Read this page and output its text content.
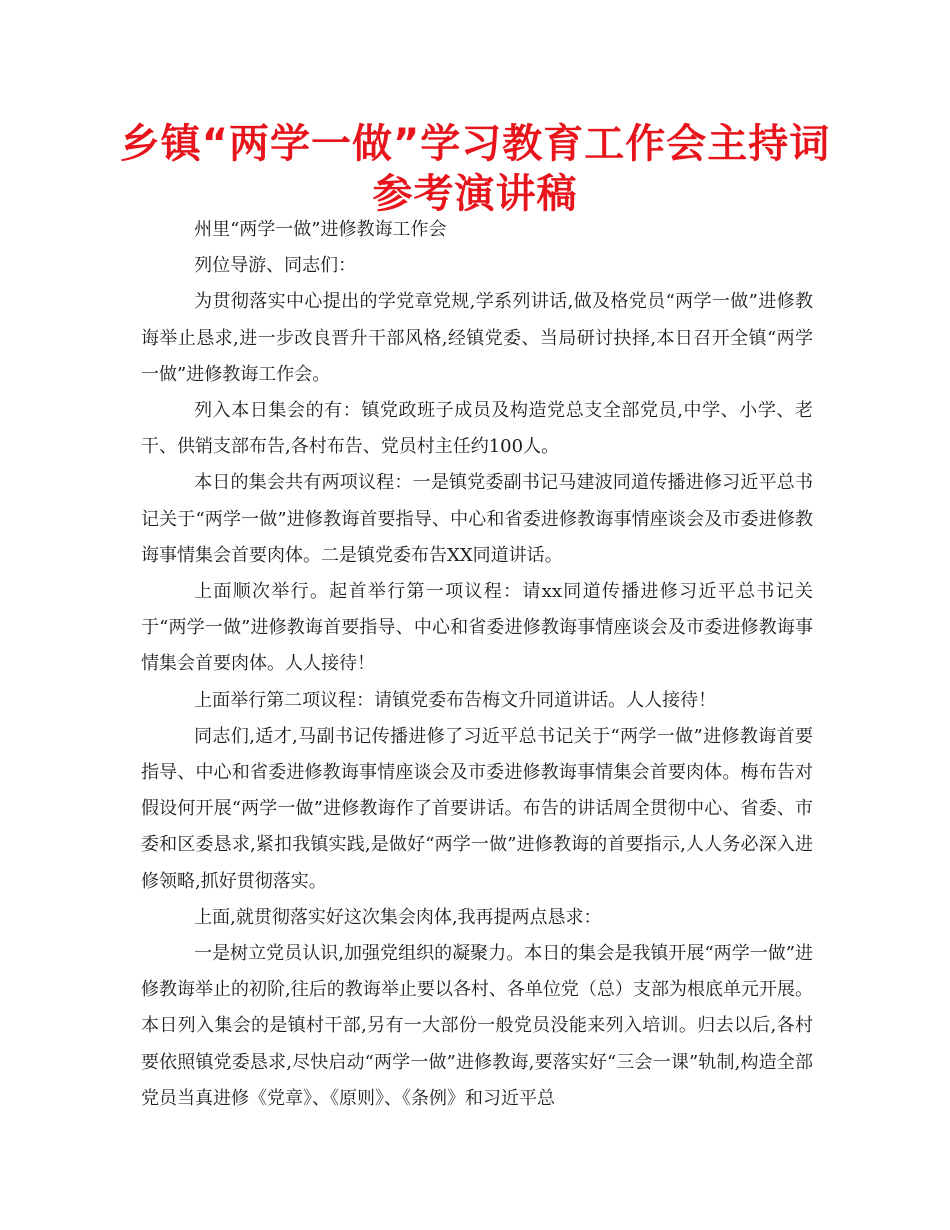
乡镇“两学一做”学习教育工作会主持词
参考演讲稿

州里“两学一做”进修教诲工作会

列位导游、同志们：

为贯彻落实中心提出的学党章党规,学系列讲话,做及格党员“两学一做”进修教诲举止恳求,进一步改良晋升干部风格,经镇党委、当局研讨抉择,本日召开全镇“两学一做”进修教诲工作会。

列入本日集会的有：镇党政班子成员及构造党总支全部党员,中学、小学、老干、供销支部布告,各村布告、党员村主任约100人。

本日的集会共有两项议程：一是镇党委副书记马建波同道传播进修习近平总书记关于“两学一做”进修教诲首要指导、中心和省委进修教诲事情座谈会及市委进修教诲事情集会首要肉体。二是镇党委布告XX同道讲话。

上面顺次举行。起首举行第一项议程：请xx同道传播进修习近平总书记关于“两学一做”进修教诲首要指导、中心和省委进修教诲事情座谈会及市委进修教诲事情集会首要肉体。人人接待！

上面举行第二项议程：请镇党委布告梅文升同道讲话。人人接待！

同志们,适才,马副书记传播进修了习近平总书记关于“两学一做”进修教诲首要指导、中心和省委进修教诲事情座谈会及市委进修教诲事情集会首要肉体。梅布告对假设何开展“两学一做”进修教诲作了首要讲话。布告的讲话周全贯彻中心、省委、市委和区委恳求,紧扣我镇实践,是做好“两学一做”进修教诲的首要指示,人人务必深入进修领略,抓好贯彻落实。

上面,就贯彻落实好这次集会肉体,我再提两点恳求：

一是树立党员认识,加强党组织的凝聚力。本日的集会是我镇开展“两学一做”进修教诲举止的初阶,往后的教诲举止要以各村、各单位党（总）支部为根底单元开展。本日列入集会的是镇村干部,另有一大部份一般党员没能来列入培训。归去以后,各村要依照镇党委恳求,尽快启动“两学一做”进修教诲,要落实好“三会一课”轨制,构造全部党员当真进修《党章》、《原则》、《条例》和习近平总
